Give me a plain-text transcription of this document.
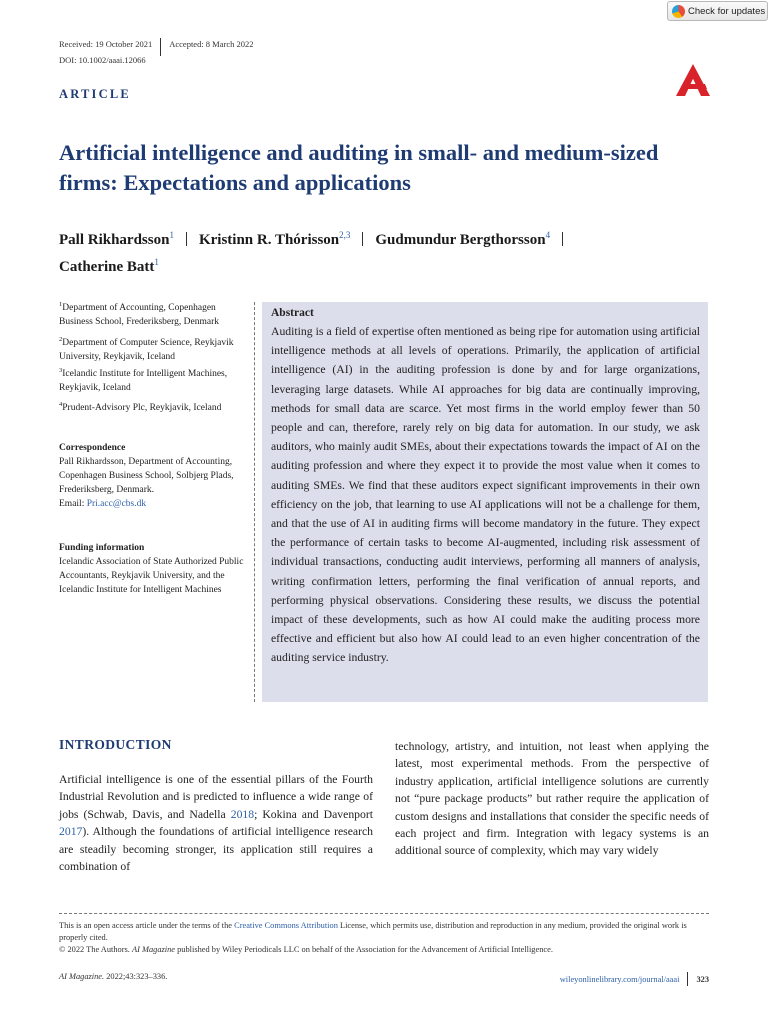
Check for updates
Received: 19 October 2021 Accepted: 8 March 2022
DOI: 10.1002/aaai.12066
ARTICLE
Artificial intelligence and auditing in small- and medium-sized firms: Expectations and applications
Pall Rikhardsson$^1$ Kristinn R. Thórisson$^{2,3}$ Gudmundur Bergthorsson$^4$
Catherine Batt$^1$
$^1$Department of Accounting, Copenhagen Business School, Frederiksberg, Denmark
$^2$Department of Computer Science, Reykjavik University, Reykjavik, Iceland
$^3$Icelandic Institute for Intelligent Machines, Reykjavik, Iceland
$^4$Prudent-Advisory Plc, Reykjavik, Iceland
Correspondence
Pall Rikhardsson, Department of Accounting, Copenhagen Business School, Solbjerg Plads, Frederiksberg, Denmark.
Email: Pri.acc@cbs.dk
Funding information
Icelandic Association of State Authorized Public Accountants, Reykjavik University, and the Icelandic Institute for Intelligent Machines
Abstract
Auditing is a field of expertise often mentioned as being ripe for automation using artificial intelligence methods at all levels of operations. Primarily, the application of artificial intelligence (AI) in the auditing profession is done by and for large organizations, leveraging large datasets. While AI approaches for big data are continually improving, methods for small data are scarce. Yet most firms in the world employ fewer than 50 people and can, therefore, rarely rely on big data for automation. In our study, we ask auditors, who mainly audit SMEs, about their expectations towards the impact of AI on the auditing profession and where they expect it to provide the most value when it comes to auditing SMEs. We find that these auditors expect significant improvements in their own efficiency on the job, that learning to use AI applications will not be a challenge for them, and that the use of AI in auditing firms will become mandatory in the future. They expect the performance of certain tasks to become AI-augmented, including risk assessment of individual transactions, conducting audit interviews, performing all manners of analysis, writing confirmation letters, performing the final verification of annual reports, and performing physical observations. Considering these results, we discuss the potential impact of these developments, such as how AI could make the auditing process more effective and efficient but also how AI could lead to an even higher concentration of the auditing service industry.
INTRODUCTION
Artificial intelligence is one of the essential pillars of the Fourth Industrial Revolution and is predicted to influence a wide range of jobs (Schwab, Davis, and Nadella 2018; Kokina and Davenport 2017). Although the foundations of artificial intelligence research are steadily becoming stronger, its application still requires a combination of
technology, artistry, and intuition, not least when applying the latest, most experimental methods. From the perspective of industry application, artificial intelligence solutions are currently not “pure package products” but rather require the application of custom designs and installations that consider the specific needs of each project and firm. Integration with legacy systems is an additional source of complexity, which may vary widely
This is an open access article under the terms of the Creative Commons Attribution License, which permits use, distribution and reproduction in any medium, provided the original work is properly cited.
© 2022 The Authors. AI Magazine published by Wiley Periodicals LLC on behalf of the Association for the Advancement of Artificial Intelligence.
AI Magazine. 2022;43:323–336.	wileyonlinelibrary.com/journal/aaai 323
